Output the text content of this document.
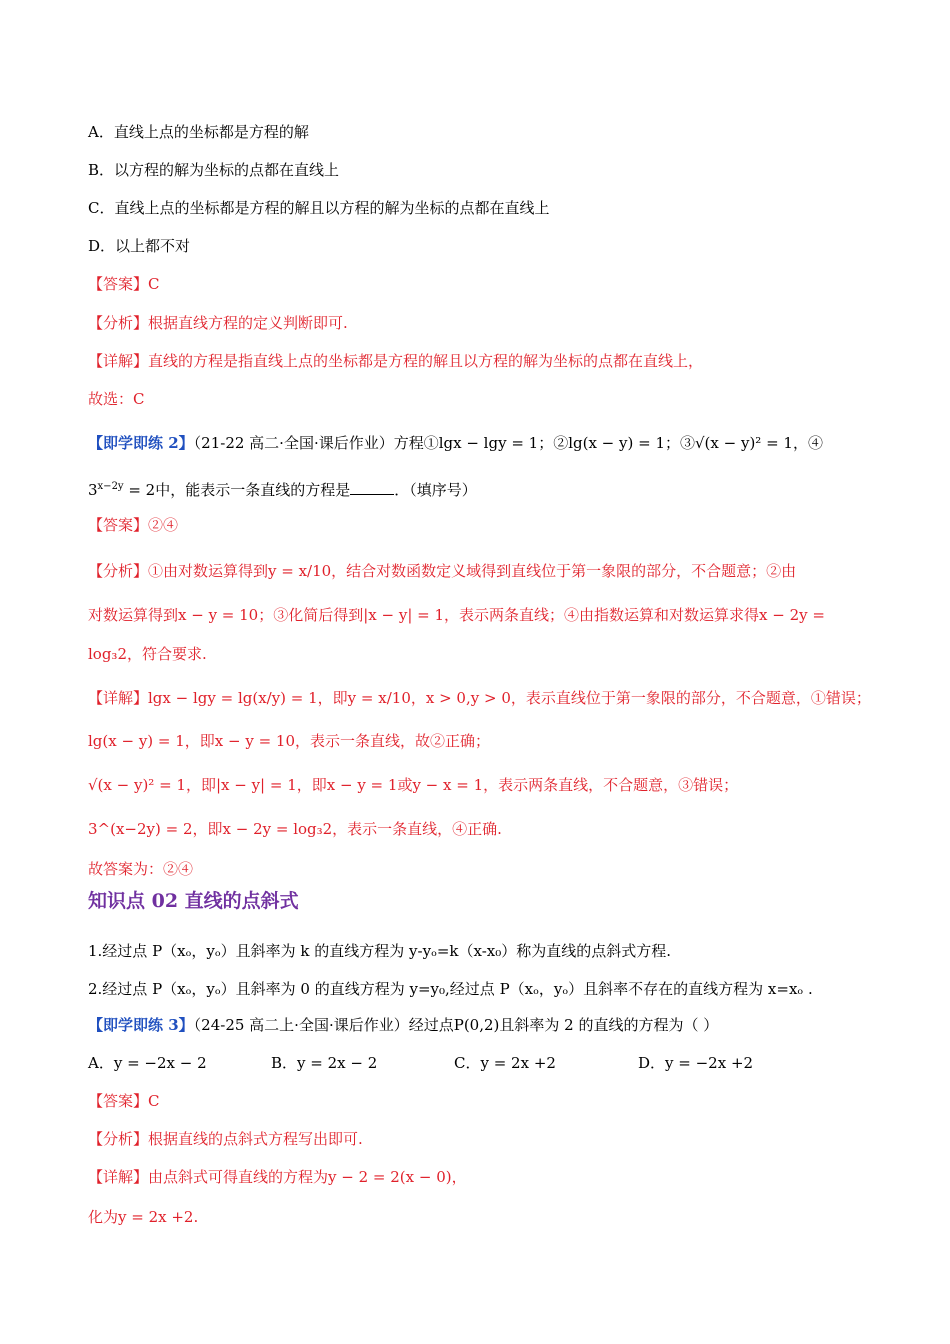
A．直线上点的坐标都是方程的解
B．以方程的解为坐标的点都在直线上
C．直线上点的坐标都是方程的解且以方程的解为坐标的点都在直线上
D．以上都不对
【答案】C
【分析】根据直线方程的定义判断即可.
【详解】直线的方程是指直线上点的坐标都是方程的解且以方程的解为坐标的点都在直线上，
故选：C
【即学即练 2】（21-22 高二·全国·课后作业）方程①lgx − lgy = 1；②lg(x − y) = 1；③√(x − y)² = 1，④
$3^{x-2y} = 2$中，能表示一条直线的方程是	．（填序号）
【答案】②④
【分析】①由对数运算得到y = x/10，结合对数函数定义域得到直线位于第一象限的部分，不合题意；②由
对数运算得到x − y = 10；③化简后得到|x − y| = 1，表示两条直线；④由指数运算和对数运算求得x − 2y =
log₃2，符合要求.
【详解】lgx − lgy = lg(x/y) = 1，即y = x/10，x > 0,y > 0，表示直线位于第一象限的部分，不合题意，①错误；
lg(x − y) = 1，即x − y = 10，表示一条直线，故②正确；
√(x − y)² = 1，即|x − y| = 1，即x − y = 1或y − x = 1，表示两条直线，不合题意，③错误；
3^(x−2y) = 2，即x − 2y = log₃2，表示一条直线，④正确.
故答案为：②④
知识点 02 直线的点斜式
1.经过点 P（xₒ，yₒ）且斜率为 k 的直线方程为 y-yₒ=k（x-x₀）称为直线的点斜式方程.
2.经过点 P（xₒ，yₒ）且斜率为 0 的直线方程为 y=y₀,经过点 P（xₒ，yₒ）且斜率不存在的直线方程为 x=xₒ .
【即学即练 3】（24-25 高二上·全国·课后作业）经过点P(0,2)且斜率为 2 的直线的方程为（ ）
A．y = −2x − 2	B．y = 2x − 2	C．y = 2x +2	D．y = −2x +2
【答案】C
【分析】根据直线的点斜式方程写出即可.
【详解】由点斜式可得直线的方程为y − 2 = 2(x − 0)，
化为y = 2x +2.
